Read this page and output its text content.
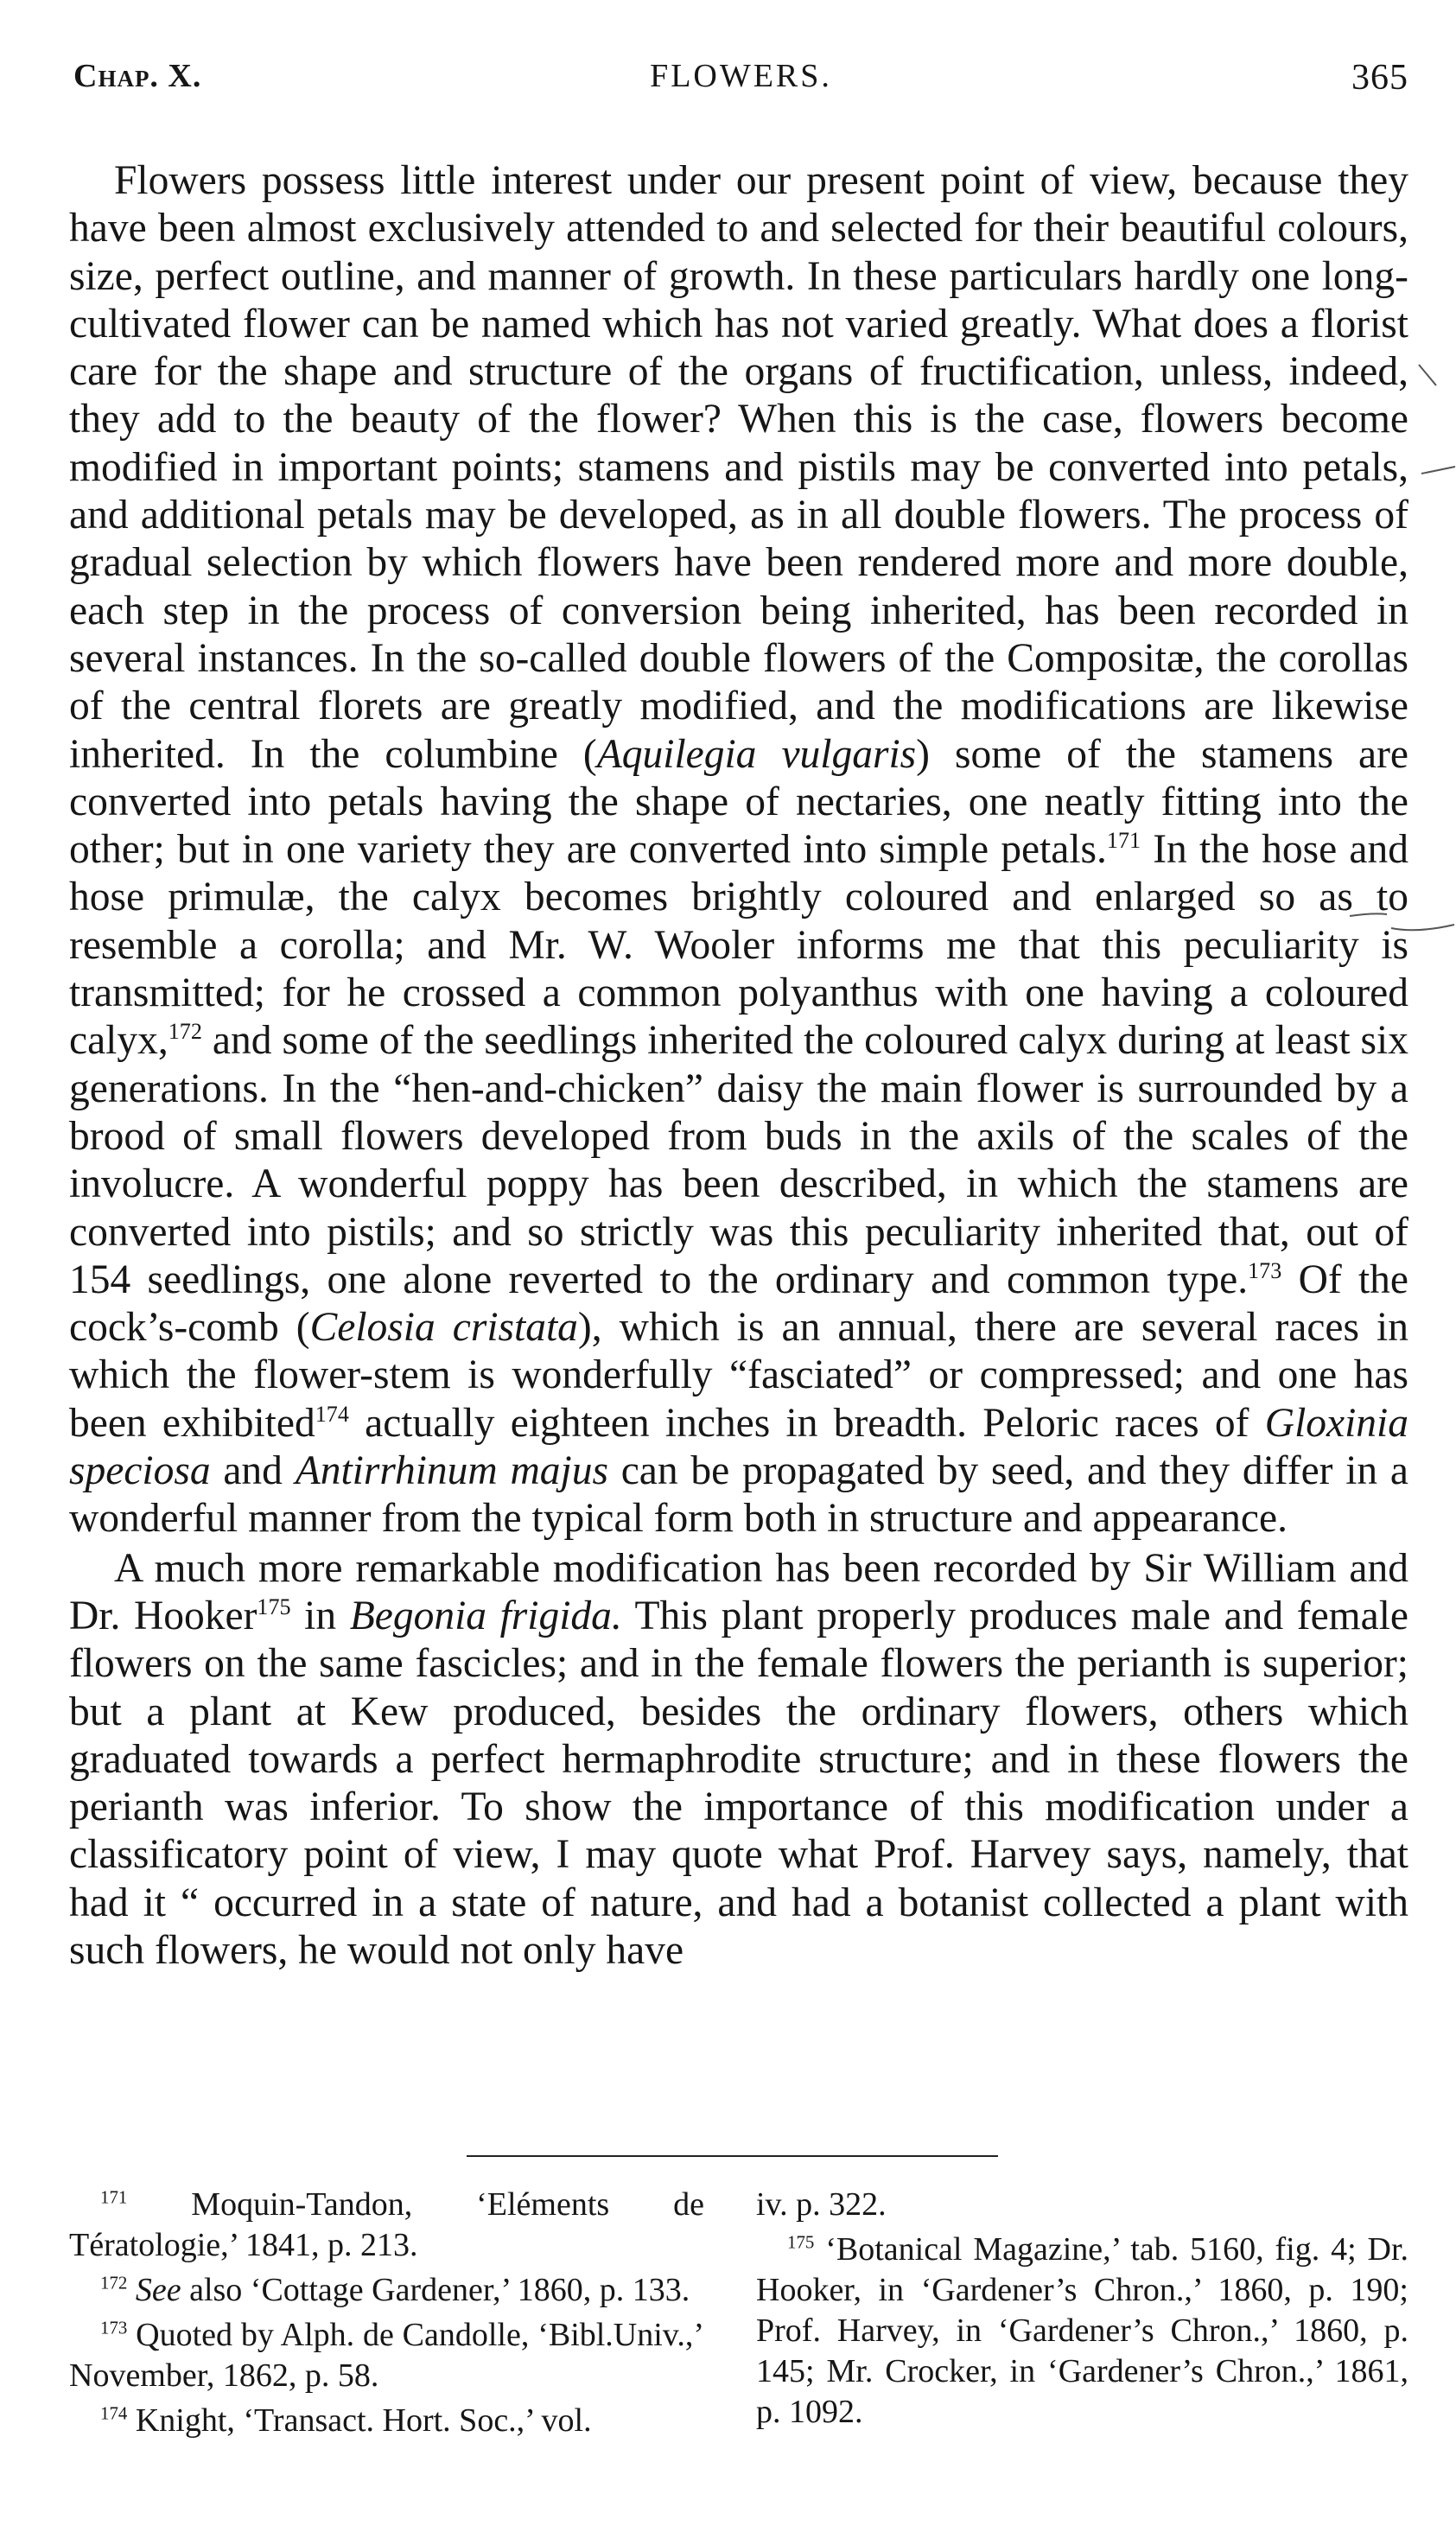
Chap. X.	FLOWERS.	365

Flowers possess little interest under our present point of view, because they have been almost exclusively attended to and selected for their beautiful colours, size, perfect outline, and manner of growth. In these particulars hardly one long-cultivated flower can be named which has not varied greatly. What does a florist care for the shape and structure of the organs of fructification, unless, indeed, they add to the beauty of the flower? When this is the case, flowers become modified in important points; stamens and pistils may be converted into petals, and additional petals may be developed, as in all double flowers. The process of gradual selection by which flowers have been rendered more and more double, each step in the process of conversion being inherited, has been recorded in several instances. In the so-called double flowers of the Compositæ, the corollas of the central florets are greatly modified, and the modifications are likewise inherited. In the columbine (Aquilegia vulgaris) some of the stamens are converted into petals having the shape of nectaries, one neatly fitting into the other; but in one variety they are converted into simple petals.$^{171}$ In the hose and hose primulæ, the calyx becomes brightly coloured and enlarged so as to resemble a corolla; and Mr. W. Wooler informs me that this peculiarity is transmitted; for he crossed a common polyanthus with one having a coloured calyx,$^{172}$ and some of the seedlings inherited the coloured calyx during at least six generations. In the “hen-and-chicken” daisy the main flower is surrounded by a brood of small flowers developed from buds in the axils of the scales of the involucre. A wonderful poppy has been described, in which the stamens are converted into pistils; and so strictly was this peculiarity inherited that, out of 154 seedlings, one alone reverted to the ordinary and common type.$^{173}$ Of the cock’s-comb (Celosia cristata), which is an annual, there are several races in which the flower-stem is wonderfully “fasciated” or compressed; and one has been exhibited$^{174}$ actually eighteen inches in breadth. Peloric races of Gloxinia speciosa and Antirrhinum majus can be propagated by seed, and they differ in a wonderful manner from the typical form both in structure and appearance.

A much more remarkable modification has been recorded by Sir William and Dr. Hooker$^{175}$ in Begonia frigida. This plant properly produces male and female flowers on the same fascicles; and in the female flowers the perianth is superior; but a plant at Kew produced, besides the ordinary flowers, others which graduated towards a perfect hermaphrodite structure; and in these flowers the perianth was inferior. To show the importance of this modification under a classificatory point of view, I may quote what Prof. Harvey says, namely, that had it “ occurred in a state of nature, and had a botanist collected a plant with such flowers, he would not only have

$^{171}$ Moquin-Tandon, ‘Eléments de Tératologie,’ 1841, p. 213.

$^{172}$ See also ‘Cottage Gardener,’ 1860, p. 133.

$^{173}$ Quoted by Alph. de Candolle, ‘Bibl.Univ.,’ November, 1862, p. 58.

$^{174}$ Knight, ‘Transact. Hort. Soc.,’ vol.

iv. p. 322.

$^{175}$ ‘Botanical Magazine,’ tab. 5160, fig. 4; Dr. Hooker, in ‘Gardener’s Chron.,’ 1860, p. 190; Prof. Harvey, in ‘Gardener’s Chron.,’ 1860, p. 145; Mr. Crocker, in ‘Gardener’s Chron.,’ 1861, p. 1092.
